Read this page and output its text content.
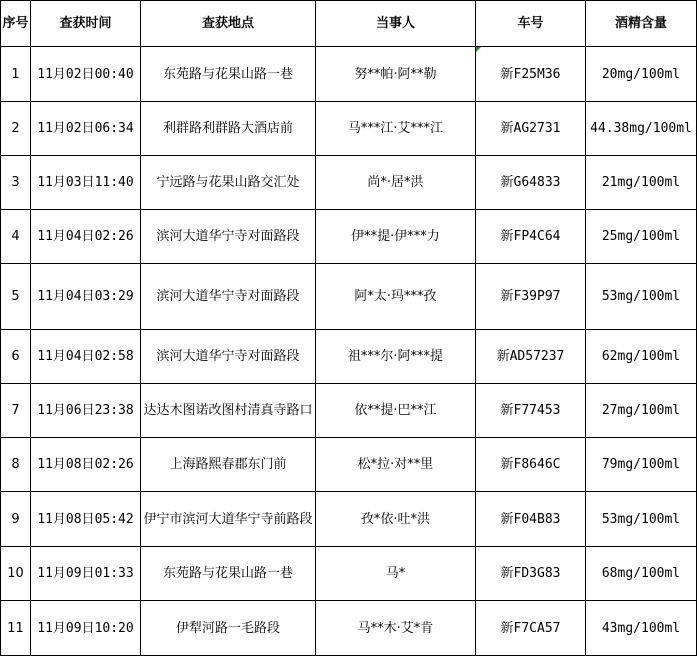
序号	查获时间	查获地点	当事人	车号	酒精含量
1	11月02日00:40	东苑路与花果山路一巷	努**帕·阿**勒	新F25M36	20mg/100ml
2	11月02日06:34	利群路利群路大酒店前	马***江·艾***江	新AG2731	44.38mg/100ml
3	11月03日11:40	宁远路与花果山路交汇处	尚*·居*洪	新G64833	21mg/100ml
4	11月04日02:26	滨河大道华宁寺对面路段	伊**提·伊***力	新FP4C64	25mg/100ml
5	11月04日03:29	滨河大道华宁寺对面路段	阿*太·玛***孜	新F39P97	53mg/100ml
6	11月04日02:58	滨河大道华宁寺对面路段	祖***尔·阿***提	新AD57237	62mg/100ml
7	11月06日23:38	达达木图诺改图村清真寺路口	依**提·巴**江	新F77453	27mg/100ml
8	11月08日02:26	上海路熙春郡东门前	松*拉·对**里	新F8646C	79mg/100ml
9	11月08日05:42	伊宁市滨河大道华宁寺前路段	孜*依·吐*洪	新F04B83	53mg/100ml
10	11月09日01:33	东苑路与花果山路一巷	马*	新FD3G83	68mg/100ml
11	11月09日10:20	伊犁河路一毛路段	马**木·艾*肯	新F7CA57	43mg/100ml
